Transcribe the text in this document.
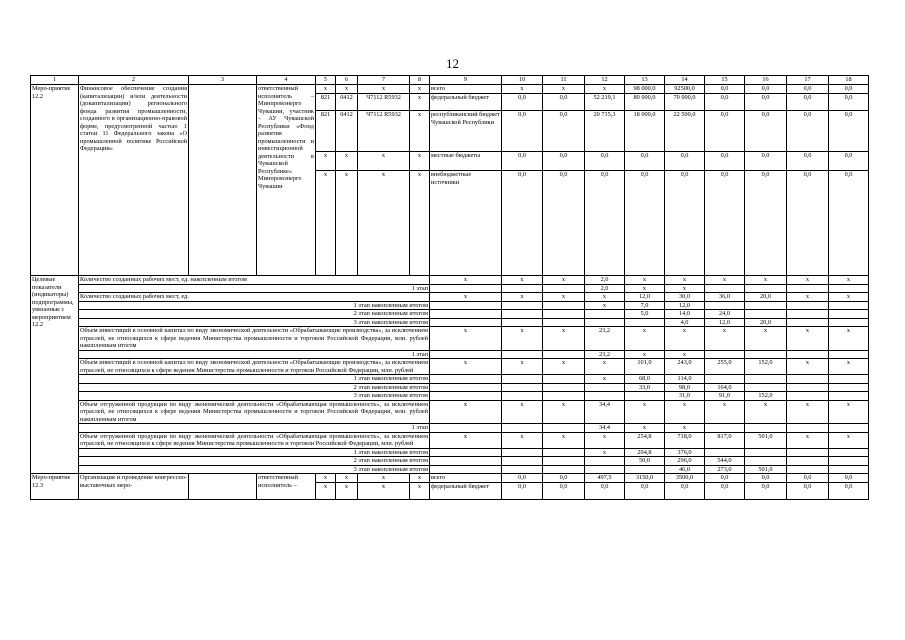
12
1	2	3	4	5	6	7	8	9	10	11	12	13	14	15	16	17	18
Меро-приятие 12.2	Финансовое обеспечение создания (капитализации) и/или деятельности (докапитализации) регионального фонда развития промышленности, созданного в организационно-правовой форме, предусмотренной частью 1 статьи 11 Федерального закона «О промышленной политике Российской Федерации»		ответственный исполнитель – Минпромэнерго Чувашии, участник – АУ Чувашской Республики «Фонд развития промышленности и инвестиционной деятельности в Чувашской Республике» Минпромэнерго Чувашии	х	х	х	х	всего	х	х	х	98 000,0	92500,0	0,0	0,0	0,0	0,0
				821	0412	Ч7112 R5932	х	федеральный бюджет	0,0	0,0	52 219,1	80 000,0	70 000,0	0,0	0,0	0,0	0,0
				821	0412	Ч7112 R5932	х	республиканский бюджет Чувашской Республики	0,0	0,0	20 715,3	18 000,0	22 500,0	0,0	0,0	0,0	0,0
				х	х	х	х	местные бюджеты	0,0	0,0	0,0	0,0	0,0	0,0	0,0	0,0	0,0
				х	х	х	х	внебюджетные источники	0,0	0,0	0,0	0,0	0,0	0,0	0,0	0,0	0,0
Целевые показатели (индикаторы) подпрограммы, увязанные с мероприятием 12.2	Количество созданных рабочих мест, ед. накопленным итогом							х	х	х	2,0	х	х	х	х	х	х
	1 этап										2,0	х	х				
	Количество созданных рабочих мест, ед.							х	х	х	х	12,0	30,0	36,0	20,0	х	х
	1 этап накопленным итогом										х	7,0	12,0				
	2 этап накопленным итогом											5,0	14,0	24,0			
	3 этап накопленным итогом												4,0	12,0	20,0		
	Объем инвестиций в основной капитал по виду экономической деятельности «Обрабатывающие производства», за исключением отраслей, не относящихся к сфере ведения Министерства промышленности и торговли Российской Федерации, млн. рублей накопленным итогом							х	х	х	23,2	х	х	х	х	х	х
	1 этап										23,2	х	х				
	Объем инвестиций в основной капитал по виду экономической деятельности «Обрабатывающие производства», за исключением отраслей, не относящихся к сфере ведения Министерства промышленности и торговли Российской Федерации, млн. рублей							х	х	х	х	101,0	243,0	255,0	152,0	х	х
	1 этап накопленным итогом										х	68,0	114,0				
	2 этап накопленным итогом											33,0	98,0	164,0			
	3 этап накопленным итогом												31,0	91,0	152,0		
	Объем отгруженной продукции по виду экономической деятельности «Обрабатывающая промышленность», за исключением отраслей, не относящихся к сфере ведения Министерства промышленности и торговли Российской Федерации, млн. рублей накопленным итогом							х	х	х	34,4	х	х	х	х	х	х
	1 этап										34,4	х	х				
	Объем отгруженной продукции по виду экономической деятельности «Обрабатывающая промышленность», за исключением отраслей, не относящихся к сфере ведения Министерства промышленности и торговли Российской Федерации, млн. рублей							х	х	х	х	254,8	718,0	817,0	501,0	х	х
	1 этап накопленным итогом										х	204,8	376,0				
	2 этап накопленным итогом											50,0	296,0	544,0			
	3 этап накопленным итогом												46,0	273,0	501,0		
Меро-приятие 12.3	Организация и проведение конгрессно-выставочных меро-		ответственный исполнитель –	х	х	х	х	всего	0,0	0,0	497,5	3150,0	3500,0	0,0	0,0	0,0	0,0
				х	х	х	х	федеральный бюджет	0,0	0,0	0,0	0,0	0,0	0,0	0,0	0,0	0,0
